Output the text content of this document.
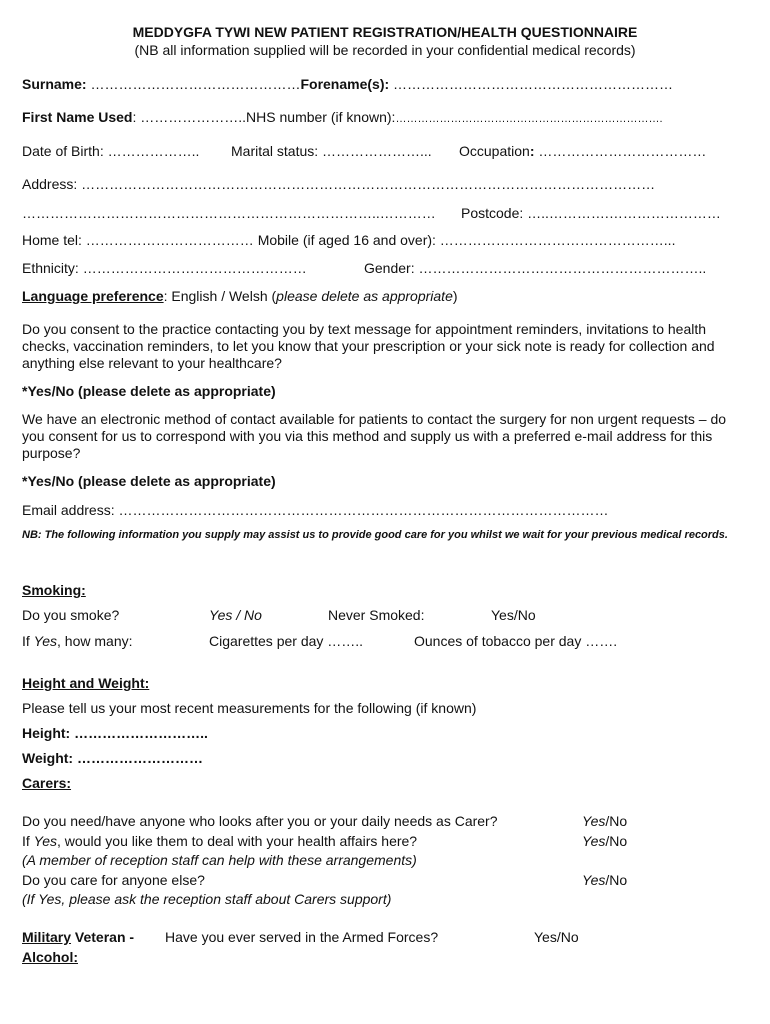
MEDDYGFA TYWI NEW PATIENT REGISTRATION/HEALTH QUESTIONNAIRE
(NB all information supplied will be recorded in your confidential medical records)
Surname: ………………………………………Forename(s): ……………………………………………………
First Name Used: …………………..NHS number (if known):……………………………………………………………….
Date of Birth: ……………….. Marital status: …………………... Occupation: ………………………………
Address: ……………………………………………………………………………………………………………
…………………………………………………………………..………… Postcode: …..………….……………………
Home tel: ……………………………… Mobile (if aged 16 and over): …………………………………………...
Ethnicity: …………………………………………	Gender: ……………………………………………………..
Language preference: English / Welsh (please delete as appropriate)
Do you consent to the practice contacting you by text message for appointment reminders, invitations to health checks, vaccination reminders, to let you know that your prescription or your sick note is ready for collection and anything else relevant to your healthcare?
*Yes/No (please delete as appropriate)
We have an electronic method of contact available for patients to contact the surgery for non urgent requests – do you consent for us to correspond with you via this method and supply us with a preferred e-mail address for this purpose?
*Yes/No (please delete as appropriate)
Email address: ……………………………………………………………………………………………
NB: The following information you supply may assist us to provide good care for you whilst we wait for your previous medical records.
Smoking:
Do you smoke?	Yes / No	Never Smoked:	Yes/No
If Yes, how many:	Cigarettes per day ……..	Ounces of tobacco per day …….
Height and Weight:
Please tell us your most recent measurements for the following (if known)
Height: ………………………..
Weight: ………………………
Carers:
Do you need/have anyone who looks after you or your daily needs as Carer?	Yes/No
If Yes, would you like them to deal with your health affairs here?	Yes/No
(A member of reception staff can help with these arrangements)
Do you care for anyone else?	Yes/No
(If Yes, please ask the reception staff about Carers support)
Military Veteran - Have you ever served in the Armed Forces?	Yes/No
Alcohol:
